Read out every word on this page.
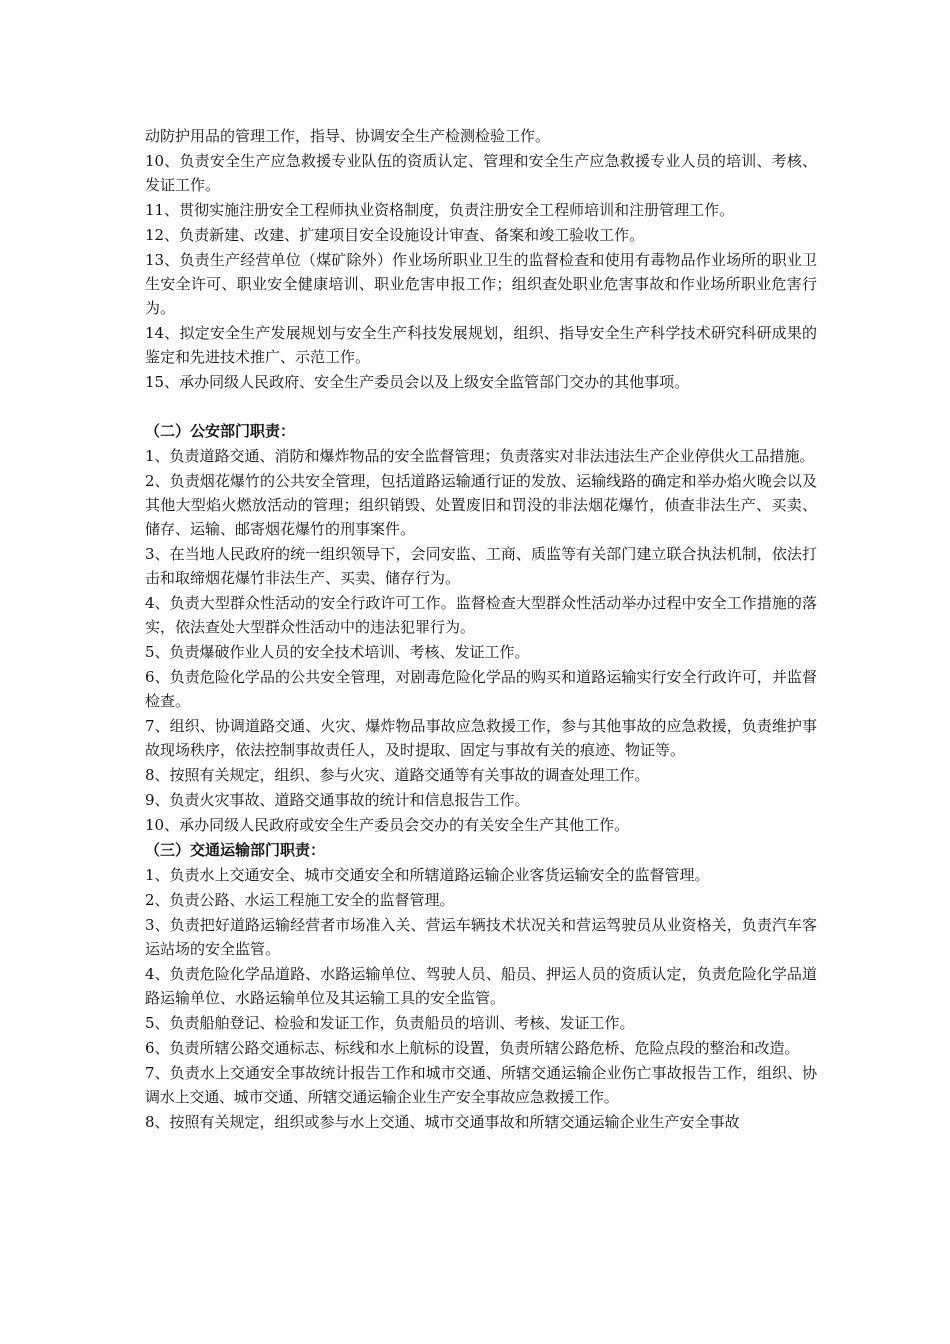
动防护用品的管理工作，指导、协调安全生产检测检验工作。

10、负责安全生产应急救援专业队伍的资质认定、管理和安全生产应急救援专业人员的培训、考核、发证工作。

11、贯彻实施注册安全工程师执业资格制度，负责注册安全工程师培训和注册管理工作。

12、负责新建、改建、扩建项目安全设施设计审查、备案和竣工验收工作。

13、负责生产经营单位（煤矿除外）作业场所职业卫生的监督检查和使用有毒物品作业场所的职业卫生安全许可、职业安全健康培训、职业危害申报工作；组织查处职业危害事故和作业场所职业危害行为。

14、拟定安全生产发展规划与安全生产科技发展规划，组织、指导安全生产科学技术研究科研成果的鉴定和先进技术推广、示范工作。

15、承办同级人民政府、安全生产委员会以及上级安全监管部门交办的其他事项。

（二）公安部门职责：

1、负责道路交通、消防和爆炸物品的安全监督管理；负责落实对非法违法生产企业停供火工品措施。

2、负责烟花爆竹的公共安全管理，包括道路运输通行证的发放、运输线路的确定和举办焰火晚会以及其他大型焰火燃放活动的管理；组织销毁、处置废旧和罚没的非法烟花爆竹，侦查非法生产、买卖、储存、运输、邮寄烟花爆竹的刑事案件。

3、在当地人民政府的统一组织领导下，会同安监、工商、质监等有关部门建立联合执法机制，依法打击和取缔烟花爆竹非法生产、买卖、储存行为。

4、负责大型群众性活动的安全行政许可工作。监督检查大型群众性活动举办过程中安全工作措施的落实，依法查处大型群众性活动中的违法犯罪行为。

5、负责爆破作业人员的安全技术培训、考核、发证工作。

6、负责危险化学品的公共安全管理，对剧毒危险化学品的购买和道路运输实行安全行政许可，并监督检查。

7、组织、协调道路交通、火灾、爆炸物品事故应急救援工作，参与其他事故的应急救援，负责维护事故现场秩序，依法控制事故责任人，及时提取、固定与事故有关的痕迹、物证等。

8、按照有关规定，组织、参与火灾、道路交通等有关事故的调查处理工作。

9、负责火灾事故、道路交通事故的统计和信息报告工作。

10、承办同级人民政府或安全生产委员会交办的有关安全生产其他工作。

（三）交通运输部门职责：

1、负责水上交通安全、城市交通安全和所辖道路运输企业客货运输安全的监督管理。

2、负责公路、水运工程施工安全的监督管理。

3、负责把好道路运输经营者市场准入关、营运车辆技术状况关和营运驾驶员从业资格关，负责汽车客运站场的安全监管。

4、负责危险化学品道路、水路运输单位、驾驶人员、船员、押运人员的资质认定，负责危险化学品道路运输单位、水路运输单位及其运输工具的安全监管。

5、负责船舶登记、检验和发证工作，负责船员的培训、考核、发证工作。

6、负责所辖公路交通标志、标线和水上航标的设置，负责所辖公路危桥、危险点段的整治和改造。

7、负责水上交通安全事故统计报告工作和城市交通、所辖交通运输企业伤亡事故报告工作，组织、协调水上交通、城市交通、所辖交通运输企业生产安全事故应急救援工作。

8、按照有关规定，组织或参与水上交通、城市交通事故和所辖交通运输企业生产安全事故
